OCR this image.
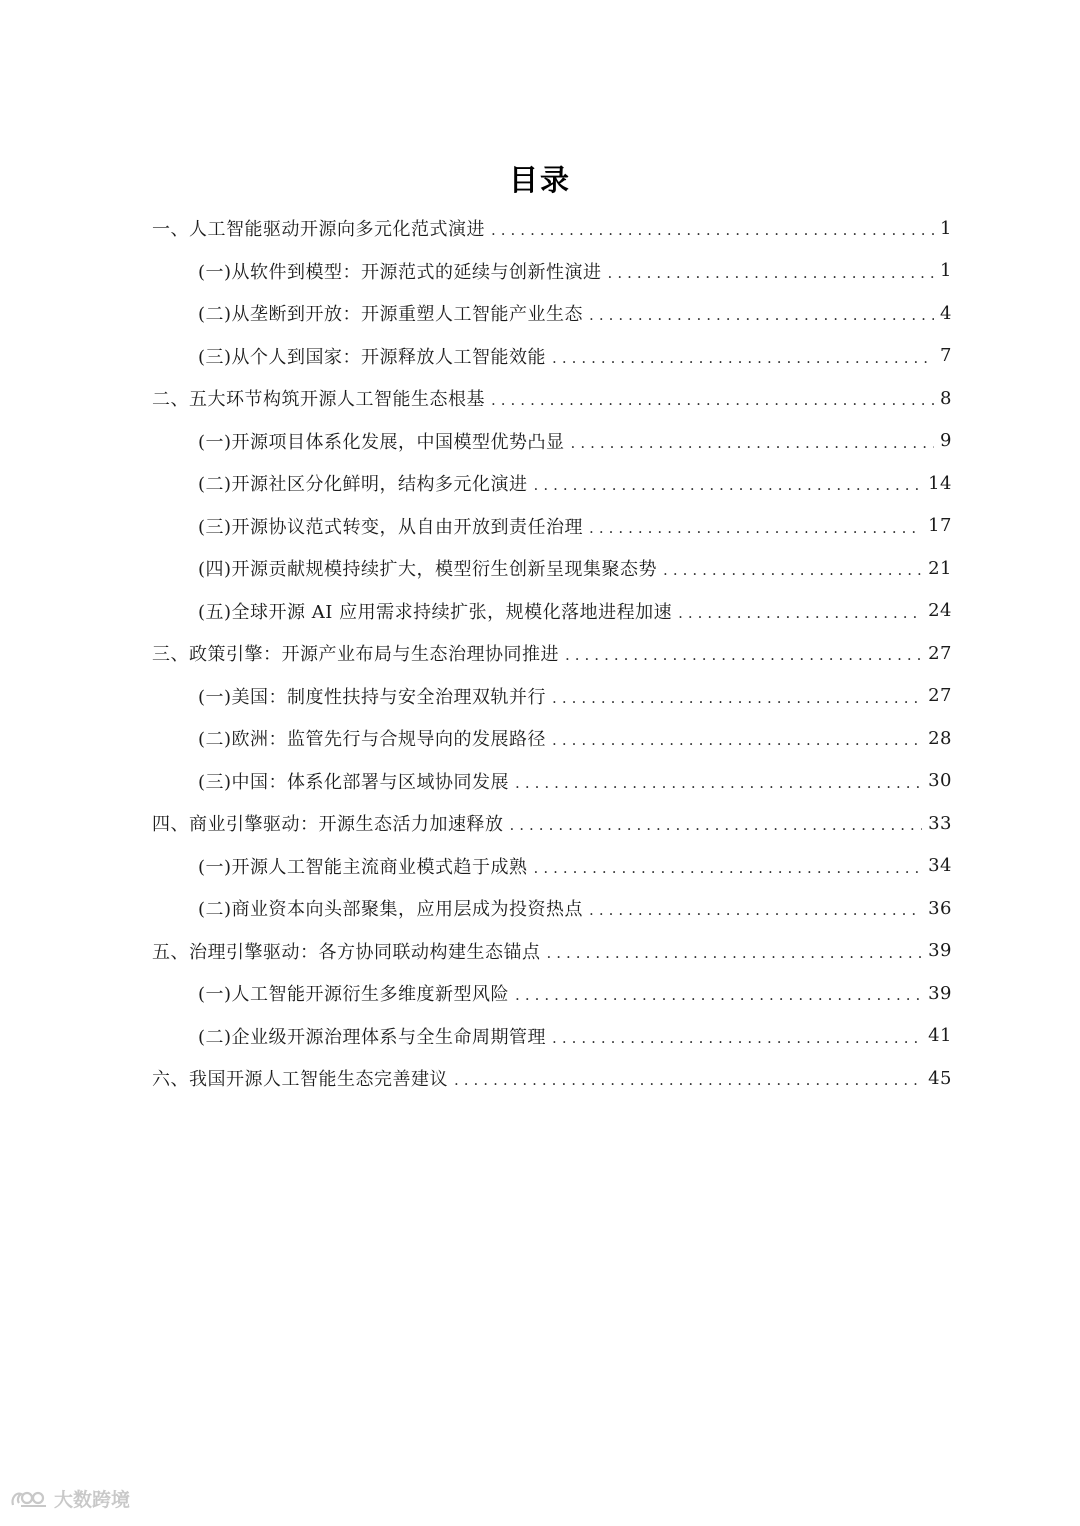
目录
一、人工智能驱动开源向多元化范式演进 .....	1
(一)从软件到模型：开源范式的延续与创新性演进 .....	1
(二)从垄断到开放：开源重塑人工智能产业生态 .....	4
(三)从个人到国家：开源释放人工智能效能 .....	7
二、五大环节构筑开源人工智能生态根基 .....	8
(一)开源项目体系化发展，中国模型优势凸显 .....	9
(二)开源社区分化鲜明，结构多元化演进 .....	14
(三)开源协议范式转变，从自由开放到责任治理 .....	17
(四)开源贡献规模持续扩大，模型衍生创新呈现集聚态势 .....	21
(五)全球开源 AI 应用需求持续扩张，规模化落地进程加速 .....	24
三、政策引擎：开源产业布局与生态治理协同推进 .....	27
(一)美国：制度性扶持与安全治理双轨并行 .....	27
(二)欧洲：监管先行与合规导向的发展路径 .....	28
(三)中国：体系化部署与区域协同发展 .....	30
四、商业引擎驱动：开源生态活力加速释放 .....	33
(一)开源人工智能主流商业模式趋于成熟 .....	34
(二)商业资本向头部聚集，应用层成为投资热点 .....	36
五、治理引擎驱动：各方协同联动构建生态锚点 .....	39
(一)人工智能开源衍生多维度新型风险 .....	39
(二)企业级开源治理体系与全生命周期管理 .....	41
六、我国开源人工智能生态完善建议 .....	45
大数跨境
